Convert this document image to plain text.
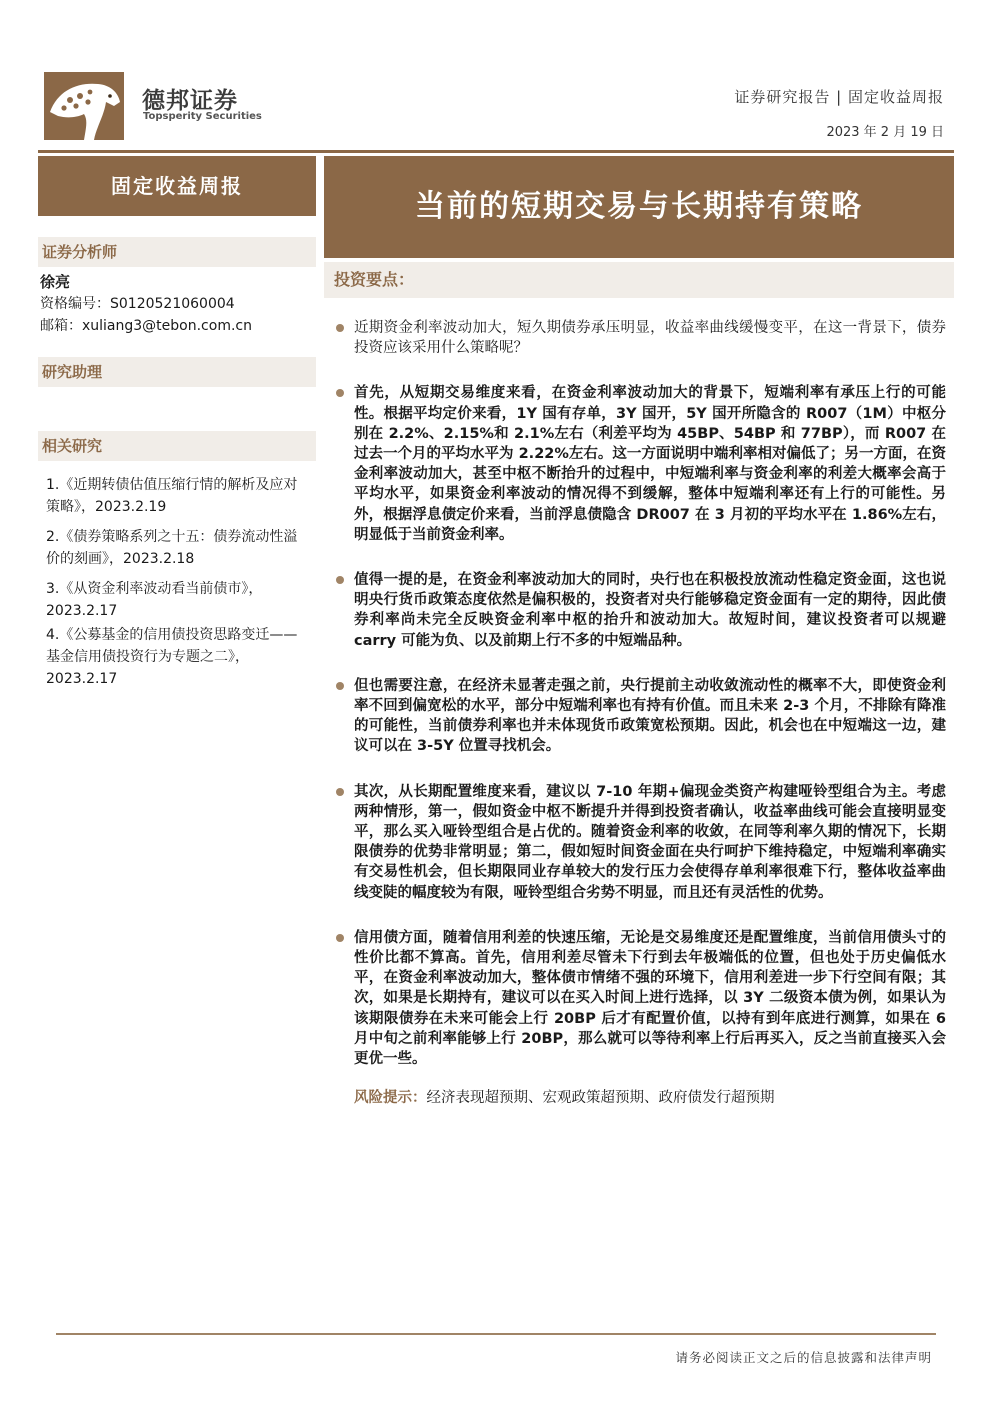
德邦证券
Topsperity Securities
证券研究报告 | 固定收益周报
2023 年 2 月 19 日
固定收益周报
当前的短期交易与长期持有策略
证券分析师
徐亮
资格编号：S0120521060004
邮箱：xuliang3@tebon.com.cn
研究助理
相关研究
1.《近期转债估值压缩行情的解析及应对策略》，2023.2.19
2.《债券策略系列之十五：债券流动性溢价的刻画》，2023.2.18
3.《从资金利率波动看当前债市》，2023.2.17
4.《公募基金的信用债投资思路变迁——基金信用债投资行为专题之二》，2023.2.17
投资要点：
近期资金利率波动加大，短久期债券承压明显，收益率曲线缓慢变平，在这一背景下，债券投资应该采用什么策略呢？
首先，从短期交易维度来看，在资金利率波动加大的背景下，短端利率有承压上行的可能性。根据平均定价来看，1Y 国有存单，3Y 国开，5Y 国开所隐含的 R007（1M）中枢分别在 2.2%、2.15%和 2.1%左右（利差平均为 45BP、54BP 和 77BP），而 R007 在过去一个月的平均水平为 2.22%左右。这一方面说明中端利率相对偏低了；另一方面，在资金利率波动加大，甚至中枢不断抬升的过程中，中短端利率与资金利率的利差大概率会高于平均水平，如果资金利率波动的情况得不到缓解，整体中短端利率还有上行的可能性。另外，根据浮息债定价来看，当前浮息债隐含 DR007 在 3 月初的平均水平在 1.86%左右，明显低于当前资金利率。
值得一提的是，在资金利率波动加大的同时，央行也在积极投放流动性稳定资金面，这也说明央行货币政策态度依然是偏积极的，投资者对央行能够稳定资金面有一定的期待，因此债券利率尚未完全反映资金利率中枢的抬升和波动加大。故短时间，建议投资者可以规避 carry 可能为负、以及前期上行不多的中短端品种。
但也需要注意，在经济未显著走强之前，央行提前主动收敛流动性的概率不大，即使资金利率不回到偏宽松的水平，部分中短端利率也有持有价值。而且未来 2-3 个月，不排除有降准的可能性，当前债券利率也并未体现货币政策宽松预期。因此，机会也在中短端这一边，建议可以在 3-5Y 位置寻找机会。
其次，从长期配置维度来看，建议以 7-10 年期+偏现金类资产构建哑铃型组合为主。考虑两种情形，第一，假如资金中枢不断提升并得到投资者确认，收益率曲线可能会直接明显变平，那么买入哑铃型组合是占优的。随着资金利率的收敛，在同等利率久期的情况下，长期限债券的优势非常明显；第二，假如短时间资金面在央行呵护下维持稳定，中短端利率确实有交易性机会，但长期限同业存单较大的发行压力会使得存单利率很难下行，整体收益率曲线变陡的幅度较为有限，哑铃型组合劣势不明显，而且还有灵活性的优势。
信用债方面，随着信用利差的快速压缩，无论是交易维度还是配置维度，当前信用债头寸的性价比都不算高。首先，信用利差尽管未下行到去年极端低的位置，但也处于历史偏低水平，在资金利率波动加大，整体债市情绪不强的环境下，信用利差进一步下行空间有限；其次，如果是长期持有，建议可以在买入时间上进行选择，以 3Y 二级资本债为例，如果认为该期限债券在未来可能会上行 20BP 后才有配置价值，以持有到年底进行测算，如果在 6 月中旬之前利率能够上行 20BP，那么就可以等待利率上行后再买入，反之当前直接买入会更优一些。
风险提示：经济表现超预期、宏观政策超预期、政府债发行超预期
请务必阅读正文之后的信息披露和法律声明
